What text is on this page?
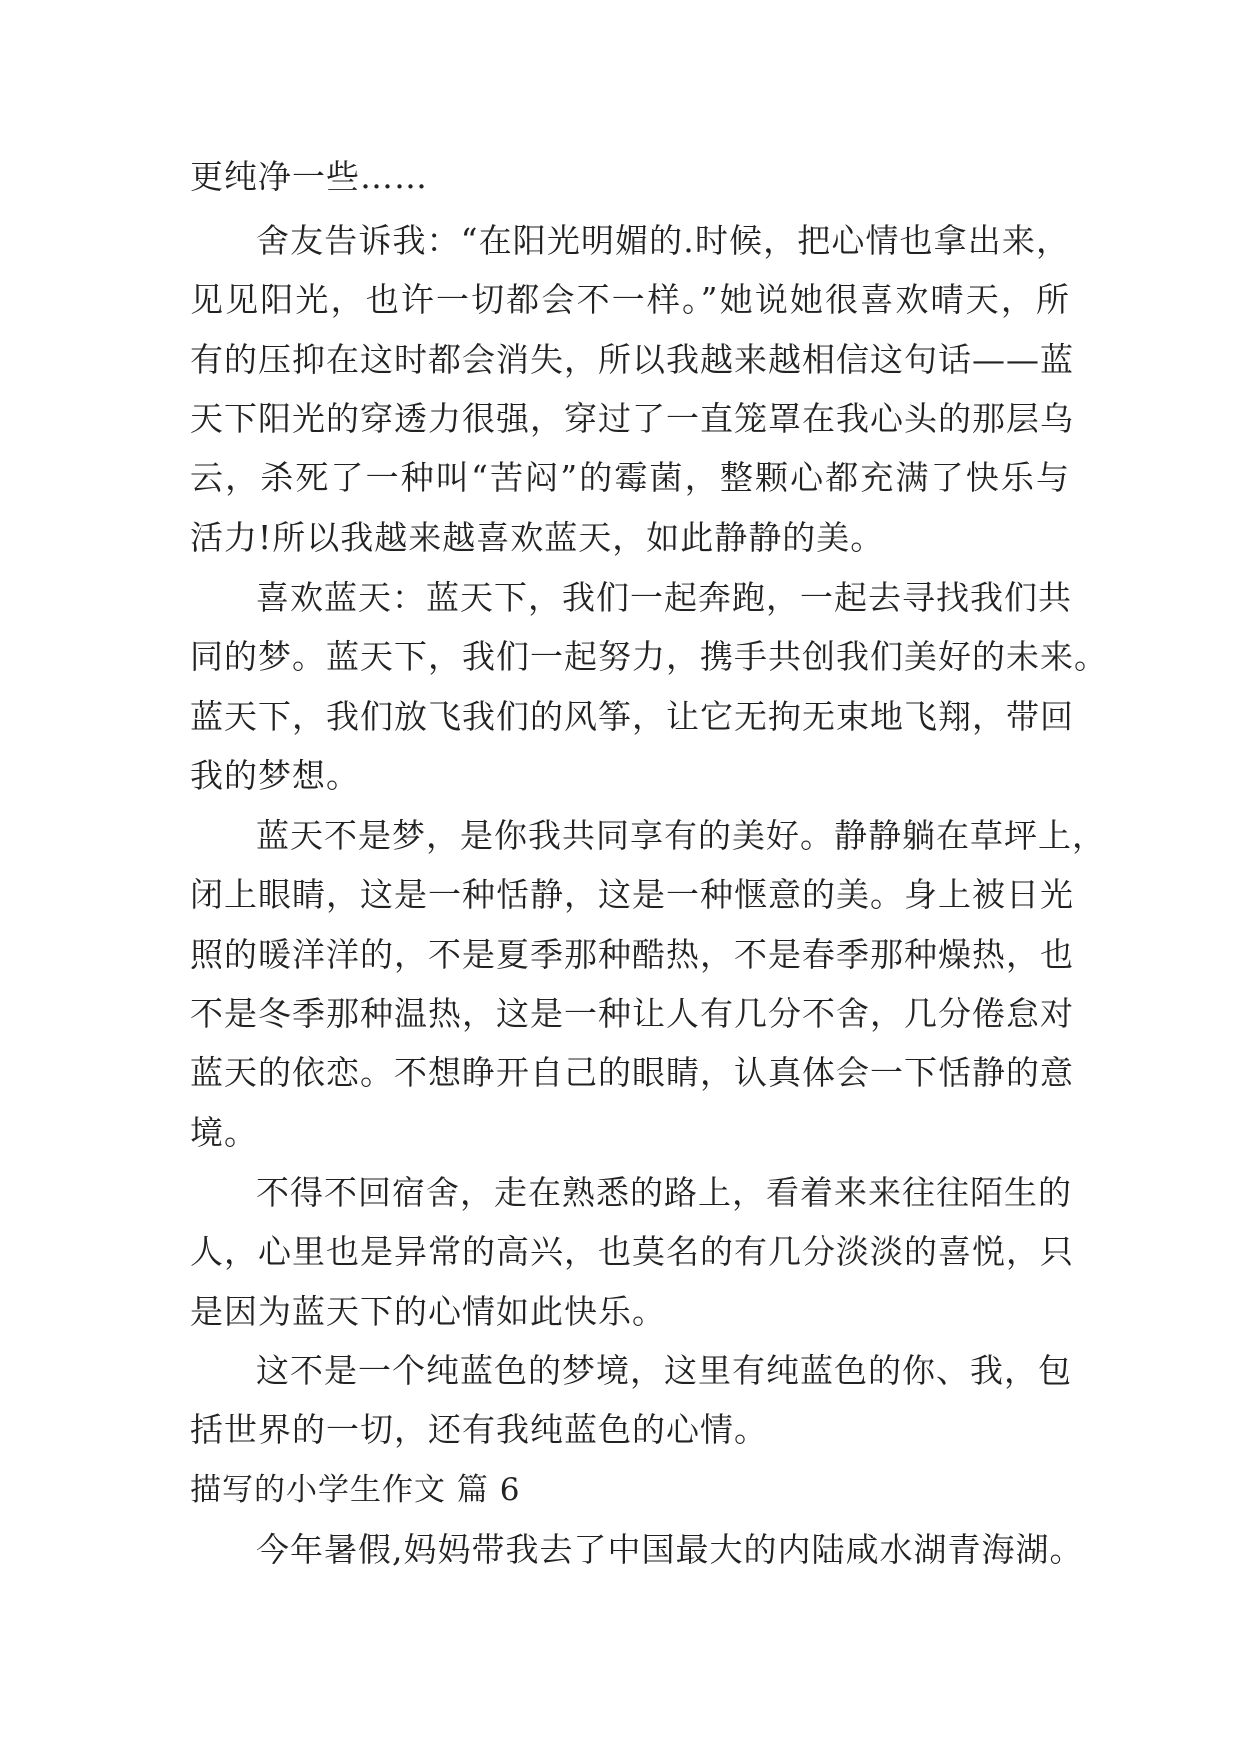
更纯净一些……
舍友告诉我：“在阳光明媚的.时候，把心情也拿出来，
见见阳光，也许一切都会不一样。”她说她很喜欢晴天，所
有的压抑在这时都会消失，所以我越来越相信这句话——蓝
天下阳光的穿透力很强，穿过了一直笼罩在我心头的那层乌
云，杀死了一种叫“苦闷”的霉菌，整颗心都充满了快乐与
活力!所以我越来越喜欢蓝天，如此静静的美。
喜欢蓝天：蓝天下，我们一起奔跑，一起去寻找我们共
同的梦。蓝天下，我们一起努力，携手共创我们美好的未来。
蓝天下，我们放飞我们的风筝，让它无拘无束地飞翔，带回
我的梦想。
蓝天不是梦，是你我共同享有的美好。静静躺在草坪上，
闭上眼睛，这是一种恬静，这是一种惬意的美。身上被日光
照的暖洋洋的，不是夏季那种酷热，不是春季那种燥热，也
不是冬季那种温热，这是一种让人有几分不舍，几分倦怠对
蓝天的依恋。不想睁开自己的眼睛，认真体会一下恬静的意
境。
不得不回宿舍，走在熟悉的路上，看着来来往往陌生的
人，心里也是异常的高兴，也莫名的有几分淡淡的喜悦，只
是因为蓝天下的心情如此快乐。
这不是一个纯蓝色的梦境，这里有纯蓝色的你、我，包
括世界的一切，还有我纯蓝色的心情。
描写的小学生作文 篇 6
今年暑假,妈妈带我去了中国最大的内陆咸水湖青海湖。
